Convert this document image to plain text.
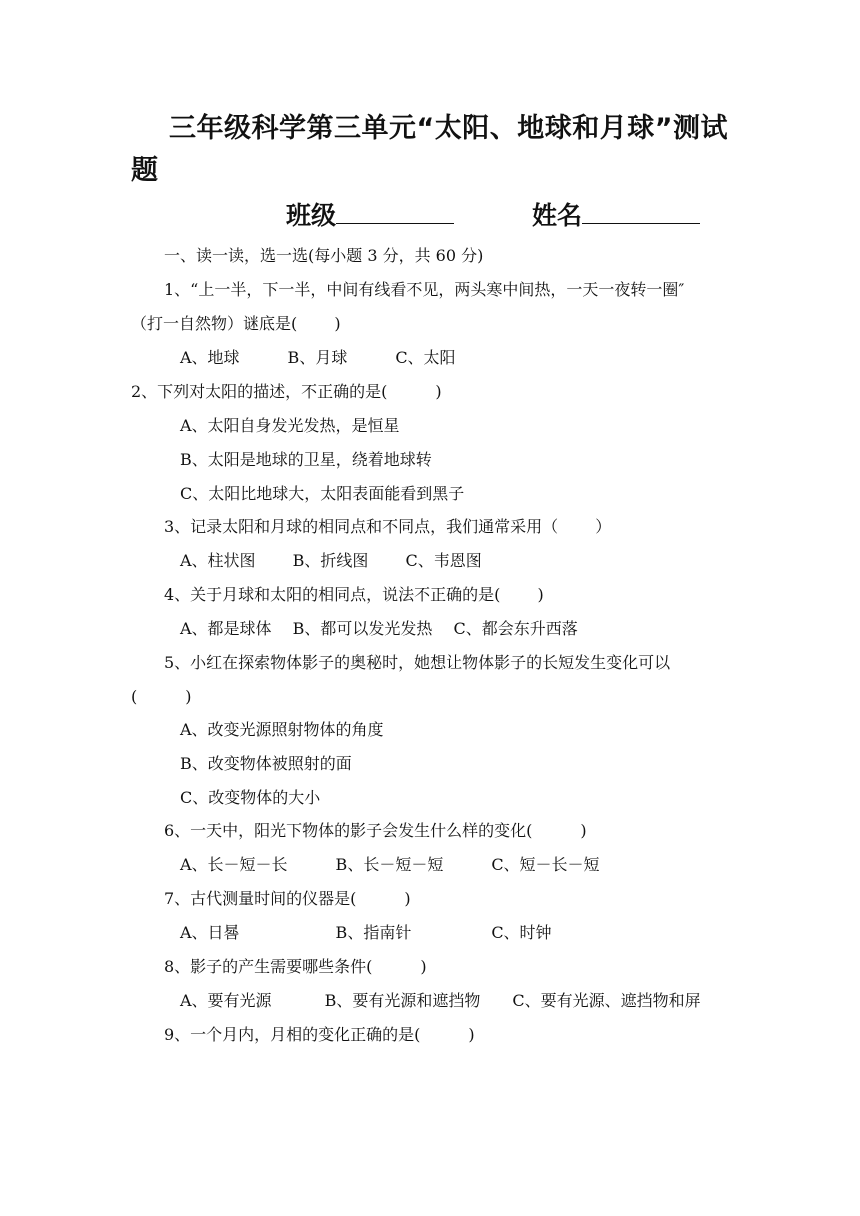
三年级科学第三单元“太阳、地球和月球”测试题
班级	姓名
一、读一读，选一选(每小题 3 分，共 60 分)
1、“上一半，下一半，中间有线看不见，两头寒中间热，一天一夜转一圈″
（打一自然物）谜底是(　　 )
A、地球　　　B、月球　　　C、太阳
2、下列对太阳的描述，不正确的是(　　　)
A、太阳自身发光发热，是恒星
B、太阳是地球的卫星，绕着地球转
C、太阳比地球大，太阳表面能看到黑子
3、记录太阳和月球的相同点和不同点，我们通常采用（　　 ）
A、柱状图　　 B、折线图　　 C、韦恩图
4、关于月球和太阳的相同点，说法不正确的是(　　 )
A、都是球体　 B、都可以发光发热　 C、都会东升西落
5、小红在探索物体影子的奥秘时，她想让物体影子的长短发生变化可以
(　　　)
A、改变光源照射物体的角度
B、改变物体被照射的面
C、改变物体的大小
6、一天中，阳光下物体的影子会发生什么样的变化(　　　)
A、长－短－长　　　B、长－短－短　　　C、短－长－短
7、古代测量时间的仪器是(　　　)
A、日晷　　　　　　B、指南针　　　　　C、时钟
8、影子的产生需要哪些条件(　　　)
A、要有光源　　　 B、要有光源和遮挡物　　C、要有光源、遮挡物和屏
9、一个月内，月相的变化正确的是(　　　)
